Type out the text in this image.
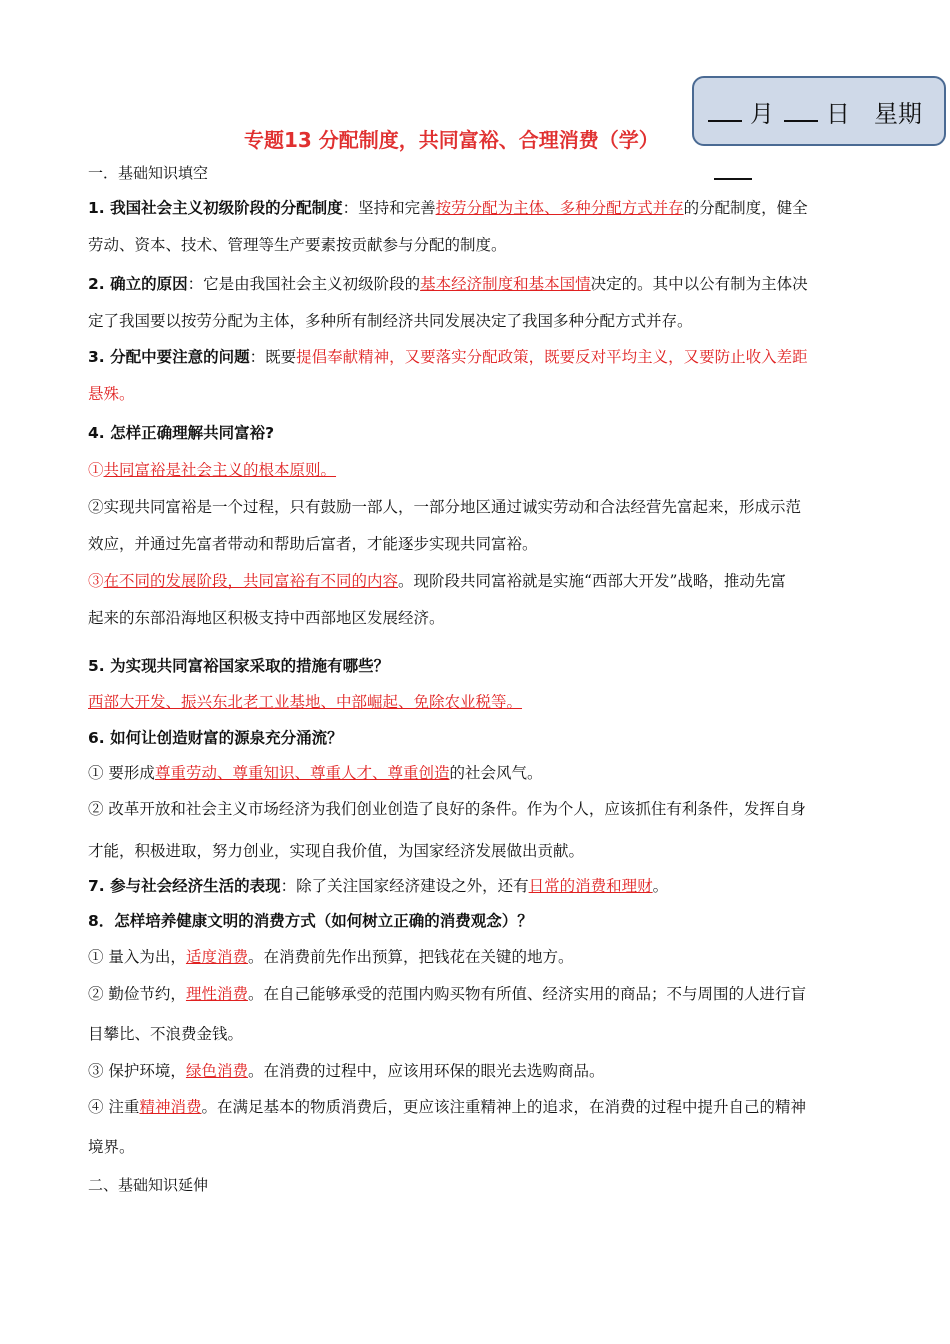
月 日 星期
专题13 分配制度，共同富裕、合理消费（学）
一．基础知识填空
1. 我国社会主义初级阶段的分配制度：坚持和完善按劳分配为主体、多种分配方式并存的分配制度，健全
劳动、资本、技术、管理等生产要素按贡献参与分配的制度。
2. 确立的原因：它是由我国社会主义初级阶段的基本经济制度和基本国情决定的。其中以公有制为主体决
定了我国要以按劳分配为主体，多种所有制经济共同发展决定了我国多种分配方式并存。
3. 分配中要注意的问题：既要提倡奉献精神，又要落实分配政策，既要反对平均主义，又要防止收入差距
悬殊。
4. 怎样正确理解共同富裕?
①共同富裕是社会主义的根本原则。
②实现共同富裕是一个过程，只有鼓励一部人，一部分地区通过诚实劳动和合法经营先富起来，形成示范
效应，并通过先富者带动和帮助后富者，才能逐步实现共同富裕。
③在不同的发展阶段，共同富裕有不同的内容。现阶段共同富裕就是实施“西部大开发”战略，推动先富
起来的东部沿海地区积极支持中西部地区发展经济。
5. 为实现共同富裕国家采取的措施有哪些？
西部大开发、振兴东北老工业基地、中部崛起、免除农业税等。
6. 如何让创造财富的源泉充分涌流？
① 要形成尊重劳动、尊重知识、尊重人才、尊重创造的社会风气。
② 改革开放和社会主义市场经济为我们创业创造了良好的条件。作为个人，应该抓住有利条件，发挥自身
才能，积极进取，努力创业，实现自我价值，为国家经济发展做出贡献。
7. 参与社会经济生活的表现：除了关注国家经济建设之外，还有日常的消费和理财。
8．怎样培养健康文明的消费方式（如何树立正确的消费观念）？
① 量入为出，适度消费。在消费前先作出预算，把钱花在关键的地方。
② 勤俭节约，理性消费。在自己能够承受的范围内购买物有所值、经济实用的商品；不与周围的人进行盲
目攀比、不浪费金钱。
③ 保护环境，绿色消费。在消费的过程中，应该用环保的眼光去选购商品。
④ 注重精神消费。在满足基本的物质消费后，更应该注重精神上的追求，在消费的过程中提升自己的精神
境界。
二、基础知识延伸
